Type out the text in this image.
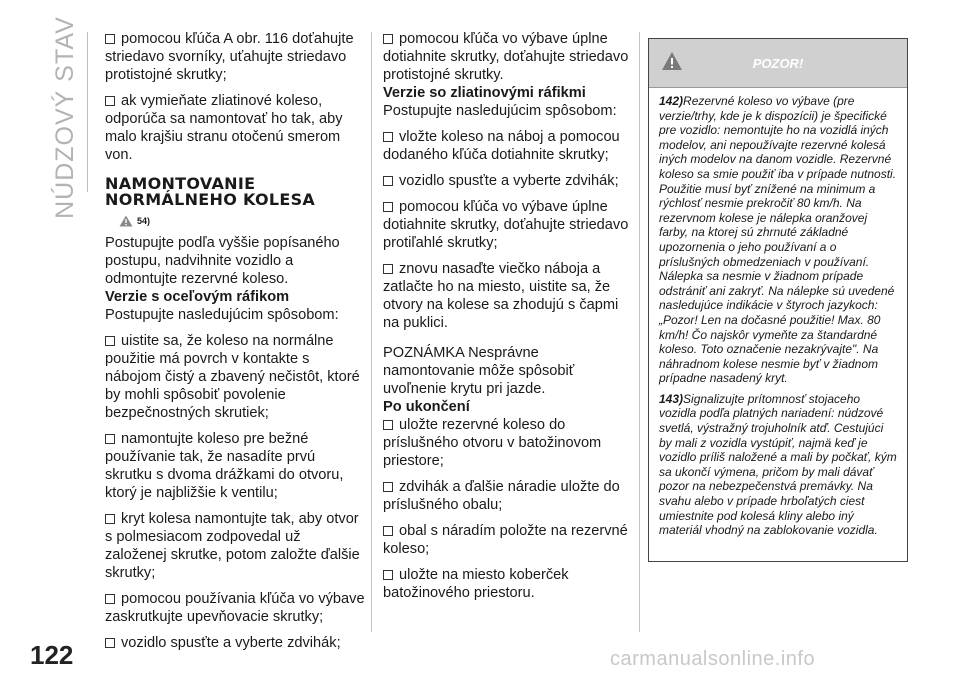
NÚDZOVÝ STAV
122

pomocou kľúča A obr. 116 doťahujte striedavo svorníky, uťahujte striedavo protistojné skrutky;

ak vymieňate zliatinové koleso, odporúča sa namontovať ho tak, aby malo krajšiu stranu otočenú smerom von.

NAMONTOVANIE NORMÁLNEHO KOLESA
54)

Postupujte podľa vyššie popísaného postupu, nadvihnite vozidlo a odmontujte rezervné koleso.

Verzie s oceľovým ráfikom

Postupujte nasledujúcim spôsobom:

uistite sa, že koleso na normálne použitie má povrch v kontakte s nábojom čistý a zbavený nečistôt, ktoré by mohli spôsobiť povolenie bezpečnostných skrutiek;

namontujte koleso pre bežné používanie tak, že nasadíte prvú skrutku s dvoma drážkami do otvoru, ktorý je najbližšie k ventilu;

kryt kolesa namontujte tak, aby otvor s polmesiacom zodpovedal už založenej skrutke, potom založte ďalšie skrutky;

pomocou používania kľúča vo výbave zaskrutkujte upevňovacie skrutky;

vozidlo spusťte a vyberte zdvihák;

pomocou kľúča vo výbave úplne dotiahnite skrutky, doťahujte striedavo protistojné skrutky.

Verzie so zliatinovými ráfikmi

Postupujte nasledujúcim spôsobom:

vložte koleso na náboj a pomocou dodaného kľúča dotiahnite skrutky;

vozidlo spusťte a vyberte zdvihák;

pomocou kľúča vo výbave úplne dotiahnite skrutky, doťahujte striedavo protiľahlé skrutky;

znovu nasaďte viečko náboja a zatlačte ho na miesto, uistite sa, že otvory na kolese sa zhodujú s čapmi na puklici.

POZNÁMKA Nesprávne namontovanie môže spôsobiť uvoľnenie krytu pri jazde.

Po ukončení

uložte rezervné koleso do príslušného otvoru v batožinovom priestore;

zdvihák a ďalšie náradie uložte do príslušného obalu;

obal s náradím položte na rezervné koleso;

uložte na miesto koberček batožinového priestoru.

POZOR!

142)Rezervné koleso vo výbave (pre verzie/trhy, kde je k dispozícii) je špecifické pre vozidlo: nemontujte ho na vozidlá iných modelov, ani nepoužívajte rezervné kolesá iných modelov na danom vozidle. Rezervné koleso sa smie použiť iba v prípade nutnosti. Použitie musí byť znížené na minimum a rýchlosť nesmie prekročiť 80 km/h. Na rezervnom kolese je nálepka oranžovej farby, na ktorej sú zhrnuté základné upozornenia o jeho používaní a o príslušných obmedzeniach v používaní. Nálepka sa nesmie v žiadnom prípade odstrániť ani zakryť. Na nálepke sú uvedené nasledujúce indikácie v štyroch jazykoch: „Pozor! Len na dočasné použitie! Max. 80 km/h! Čo najskôr vymeňte za štandardné koleso. Toto označenie nezakrývajte". Na náhradnom kolese nesmie byť v žiadnom prípadne nasadený kryt.

143)Signalizujte prítomnosť stojaceho vozidla podľa platných nariadení: núdzové svetlá, výstražný trojuholník atď. Cestujúci by mali z vozidla vystúpiť, najmä keď je vozidlo príliš naložené a mali by počkať, kým sa ukončí výmena, pričom by mali dávať pozor na nebezpečenstvá premávky. Na svahu alebo v prípade hrboľatých ciest umiestnite pod kolesá kliny alebo iný materiál vhodný na zablokovanie vozidla.

carmanualsonline.info
